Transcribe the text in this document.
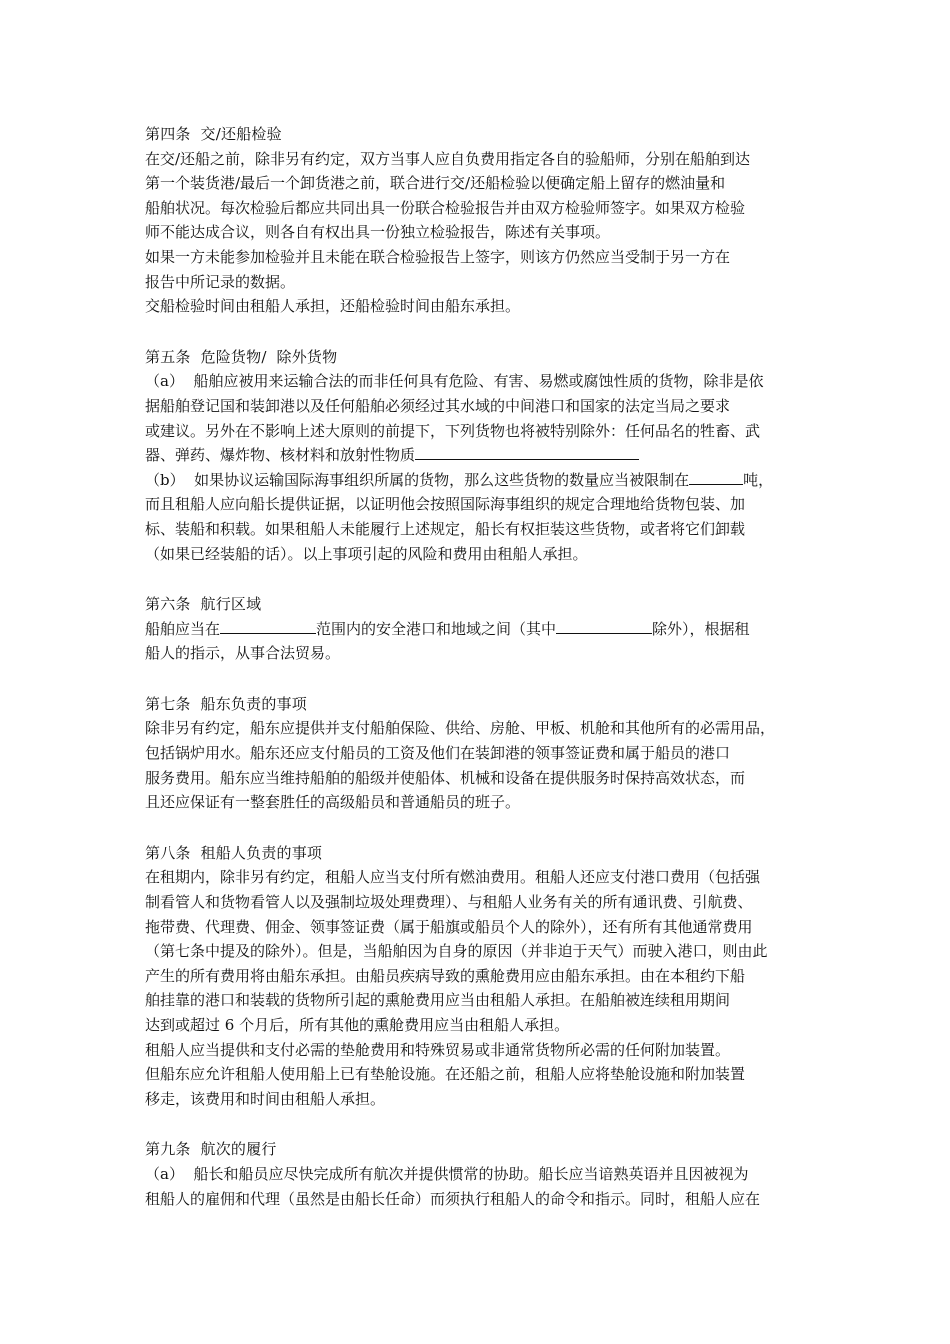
第四条  交/还船检验
在交/还船之前，除非另有约定，双方当事人应自负费用指定各自的验船师，分别在船舶到达
第一个装货港/最后一个卸货港之前，联合进行交/还船检验以便确定船上留存的燃油量和
船舶状况。每次检验后都应共同出具一份联合检验报告并由双方检验师签字。如果双方检验
师不能达成合议，则各自有权出具一份独立检验报告，陈述有关事项。
如果一方未能参加检验并且未能在联合检验报告上签字，则该方仍然应当受制于另一方在
报告中所记录的数据。
交船检验时间由租船人承担，还船检验时间由船东承担。
第五条  危险货物/  除外货物
（a）  船舶应被用来运输合法的而非任何具有危险、有害、易燃或腐蚀性质的货物，除非是依
据船舶登记国和装卸港以及任何船舶必须经过其水域的中间港口和国家的法定当局之要求
或建议。另外在不影响上述大原则的前提下，下列货物也将被特别除外：任何品名的牲畜、武
器、弹药、爆炸物、核材料和放射性物质
（b）  如果协议运输国际海事组织所属的货物，那么这些货物的数量应当被限制在	吨，
而且租船人应向船长提供证据，以证明他会按照国际海事组织的规定合理地给货物包装、加
标、装船和积载。如果租船人未能履行上述规定，船长有权拒装这些货物，或者将它们卸载
（如果已经装船的话）。以上事项引起的风险和费用由租船人承担。
第六条  航行区域
船舶应当在	范围内的安全港口和地域之间（其中	除外），根据租
船人的指示，从事合法贸易。
第七条  船东负责的事项
除非另有约定，船东应提供并支付船舶保险、供给、房舱、甲板、机舱和其他所有的必需用品，
包括锅炉用水。船东还应支付船员的工资及他们在装卸港的领事签证费和属于船员的港口
服务费用。船东应当维持船舶的船级并使船体、机械和设备在提供服务时保持高效状态，而
且还应保证有一整套胜任的高级船员和普通船员的班子。
第八条  租船人负责的事项
在租期内，除非另有约定，租船人应当支付所有燃油费用。租船人还应支付港口费用（包括强
制看管人和货物看管人以及强制垃圾处理费理）、与租船人业务有关的所有通讯费、引航费、
拖带费、代理费、佣金、领事签证费（属于船旗或船员个人的除外），还有所有其他通常费用
（第七条中提及的除外）。但是，当船舶因为自身的原因（并非迫于天气）而驶入港口，则由此
产生的所有费用将由船东承担。由船员疾病导致的熏舱费用应由船东承担。由在本租约下船
舶挂靠的港口和装载的货物所引起的熏舱费用应当由租船人承担。在船舶被连续租用期间
达到或超过 6 个月后，所有其他的熏舱费用应当由租船人承担。
租船人应当提供和支付必需的垫舱费用和特殊贸易或非通常货物所必需的任何附加装置。
但船东应允许租船人使用船上已有垫舱设施。在还船之前，租船人应将垫舱设施和附加装置
移走，该费用和时间由租船人承担。
第九条  航次的履行
（a）  船长和船员应尽快完成所有航次并提供惯常的协助。船长应当谙熟英语并且因被视为
租船人的雇佣和代理（虽然是由船长任命）而须执行租船人的命令和指示。同时，租船人应在
